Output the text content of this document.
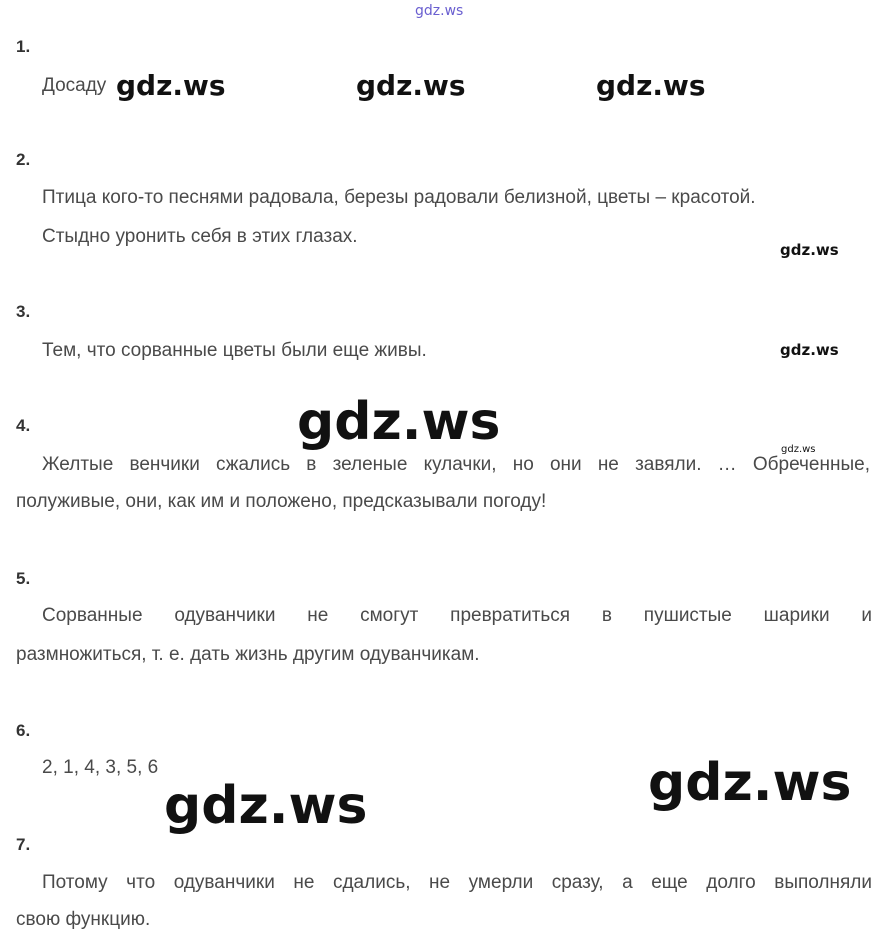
gdz.ws
1.
Досаду gdz.ws	gdz.ws	gdz.ws
2.
Птица кого-то песнями радовала, березы радовали белизной, цветы – красотой.
Стыдно уронить себя в этих глазах.
gdz.ws
3.
Тем, что сорванные цветы были еще живы.	gdz.ws
gdz.ws
4.
gdz.ws
Желтые венчики сжались в зеленые кулачки, но они не завяли. … Обреченные,
полуживые, они, как им и положено, предсказывали погоду!
5.
Сорванные одуванчики не смогут превратиться в пушистые шарики и
размножиться, т. е. дать жизнь другим одуванчикам.
6.
2, 1, 4, 3, 5, 6	gdz.ws
gdz.ws
7.
Потому что одуванчики не сдались, не умерли сразу, а еще долго выполняли
свою функцию.
